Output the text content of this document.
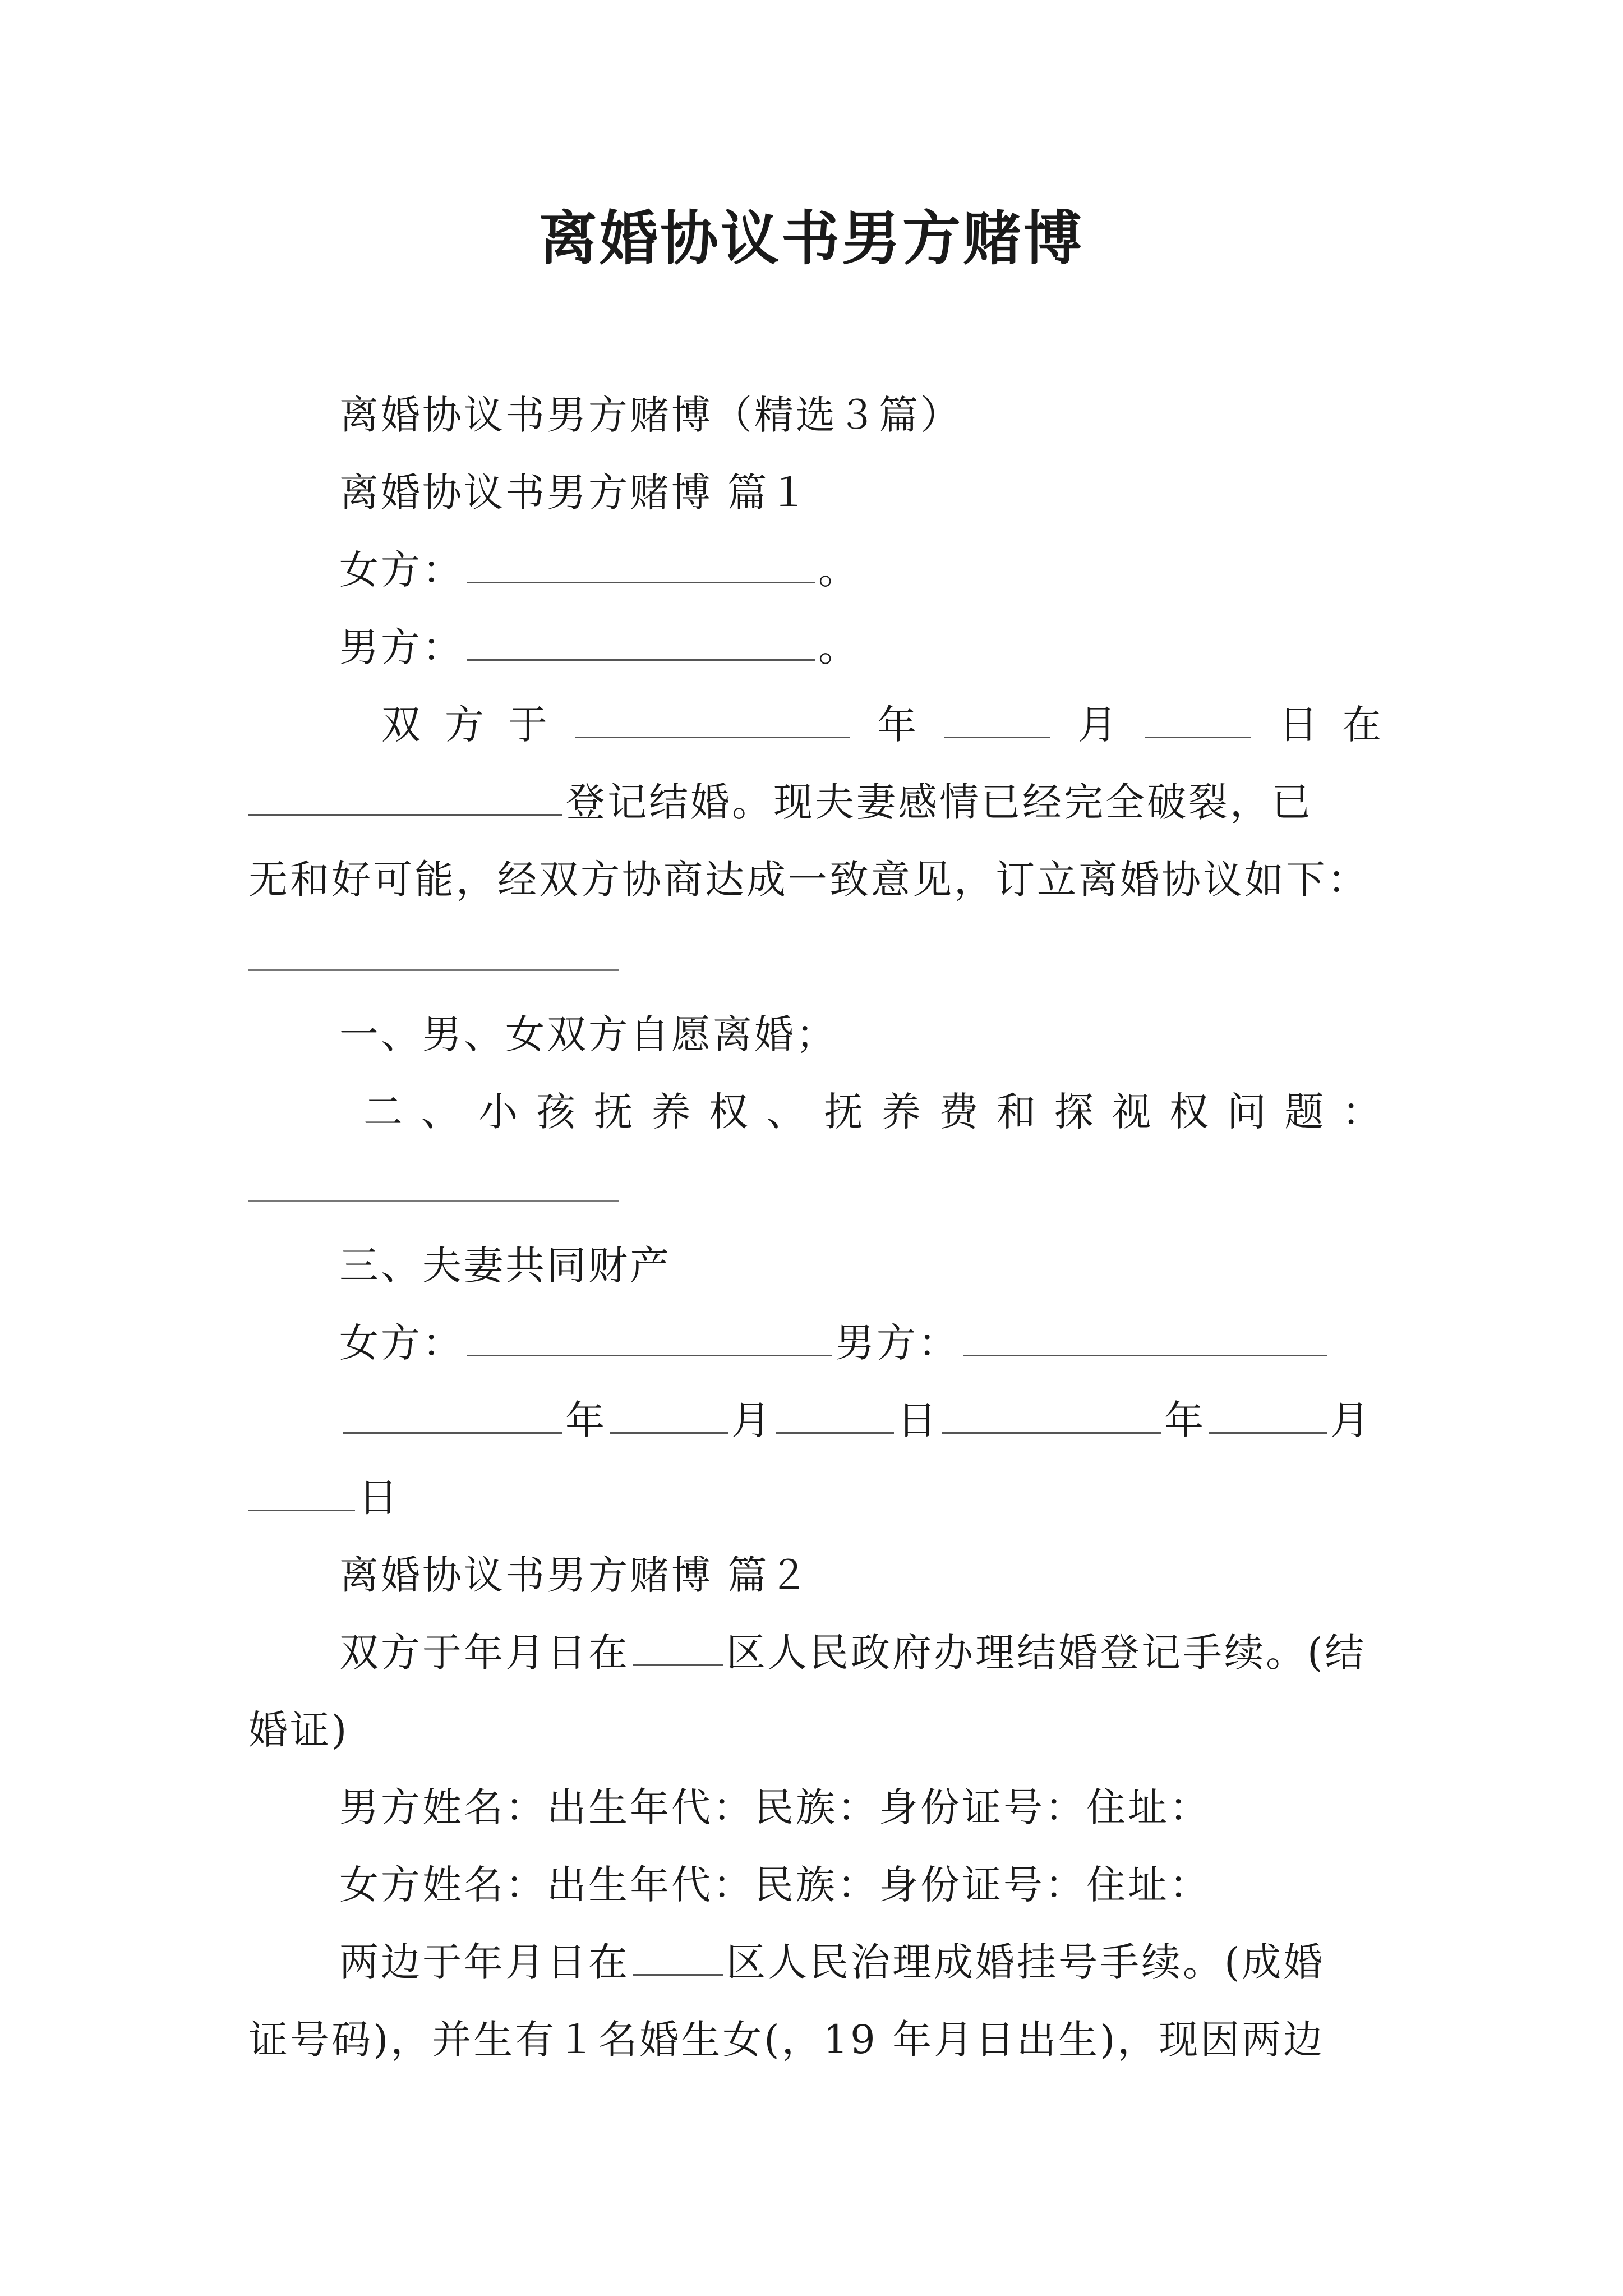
离婚协议书男方赌博
离婚协议书男方赌博（精选３篇）
离婚协议书男方赌博 篇１
女方：	。
男方：	。
双 方 于	年	月	日 在
登记结婚。现夫妻感情已经完全破裂，已
无和好可能，经双方协商达成一致意见，订立离婚协议如下：
一、男、女双方自愿离婚；
二 、 小 孩 抚 养 权 、 抚 养 费 和 探 视 权 问 题 ：
三、夫妻共同财产
女方：	男方：
年	月	日	年	月
日
离婚协议书男方赌博 篇２
双方于年月日在 区人民政府办理结婚登记手续。(结
婚证)
男方姓名：出生年代：民族：身份证号：住址：
女方姓名：出生年代：民族：身份证号：住址：
两边于年月日在 区人民治理成婚挂号手续。(成婚
证号码)，并生有１名婚生女(，19 年月日出生)，现因两边
